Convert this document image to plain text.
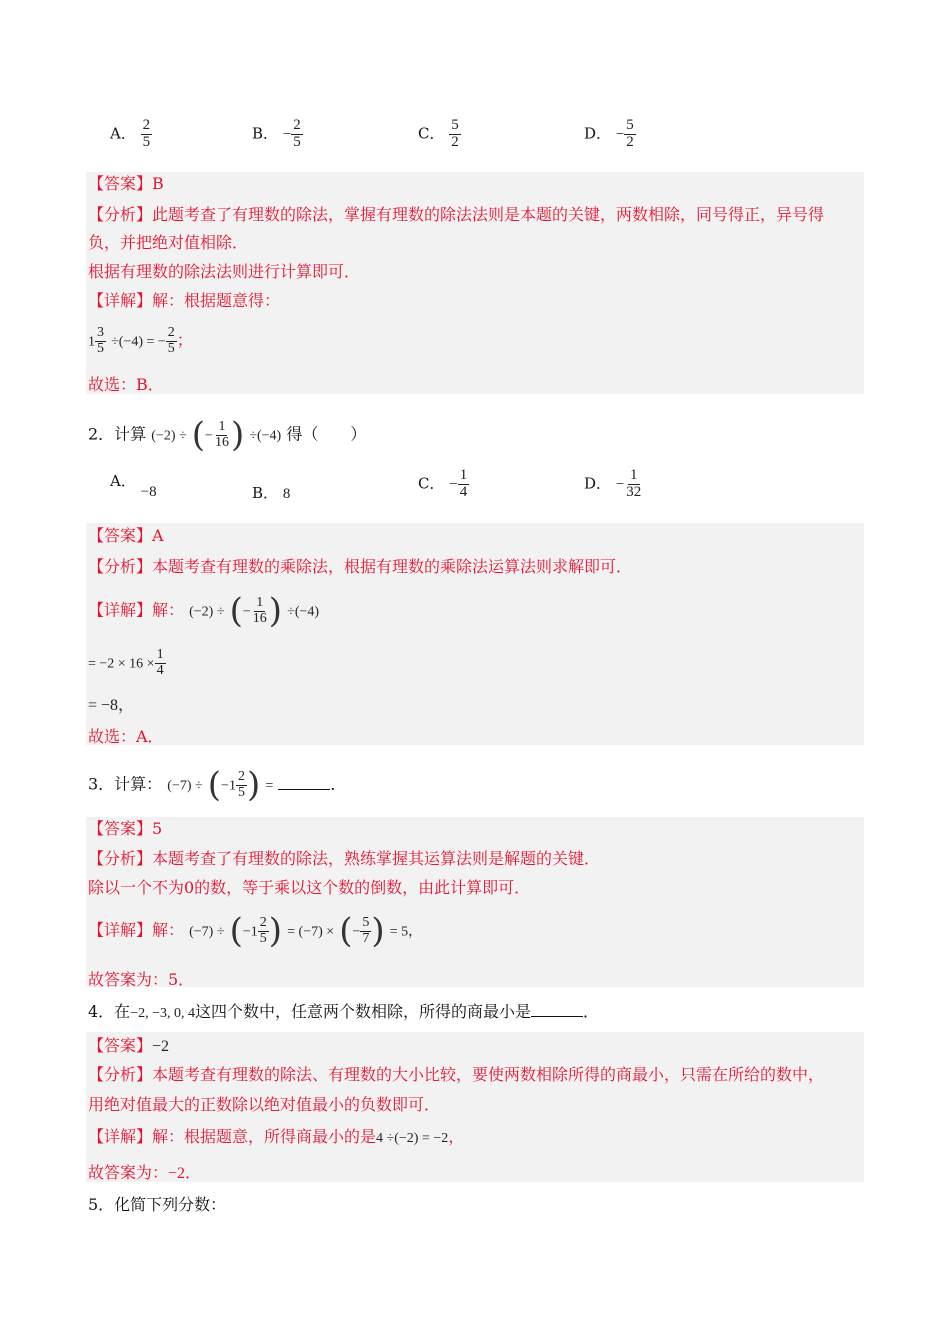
A． $\frac{2}{5}$	B． − $\frac{2}{5}$	C． $\frac{5}{2}$	D． − $\frac{5}{2}$
【答案】B
【分析】此题考查了有理数的除法，掌握有理数的除法法则是本题的关键，两数相除，同号得正，异号得
负，并把绝对值相除．
根据有理数的除法法则进行计算即可．
【详解】解：根据题意得：
$1 \frac{3}{5} \div(-4)$ = − $\frac{2}{5}$ ；
故选：B．
2．计算 (−2) ÷ (− $\frac{1}{16}$ ) ÷(−4) 得（　　）
A． −8	B． 8
C． − $\frac{1}{4}$	D． − $\frac{1}{32}$
【答案】A
【分析】本题考查有理数的乘除法，根据有理数的乘除法运算法则求解即可．
【详解】解： (−2) ÷ (− $\frac{1}{16}$ ) ÷(−4)
= $-2 \times 16 \times \frac{1}{4}$
= −8，
故选：A．
3．计算： $(-7) \div (-1 \frac{2}{5}$ ) =	．
【答案】5
【分析】本题考查了有理数的除法，熟练掌握其运算法则是解题的关键．
除以一个不为0的数，等于乘以这个数的倒数，由此计算即可．
【详解】解： $(-7) \div (-1 \frac{2}{5}$ ) = (−7) × (− $\frac{5}{7}$ ) = 5，
故答案为：5．
4．在−2, −3, 0, 4这四个数中，任意两个数相除，所得的商最小是	．
【答案】−2
【分析】本题考查有理数的除法、有理数的大小比较，要使两数相除所得的商最小，只需在所给的数中，
用绝对值最大的正数除以绝对值最小的负数即可．
【详解】解：根据题意，所得商最小的是4 ÷(−2) = −2，
故答案为：−2．
5．化简下列分数：
